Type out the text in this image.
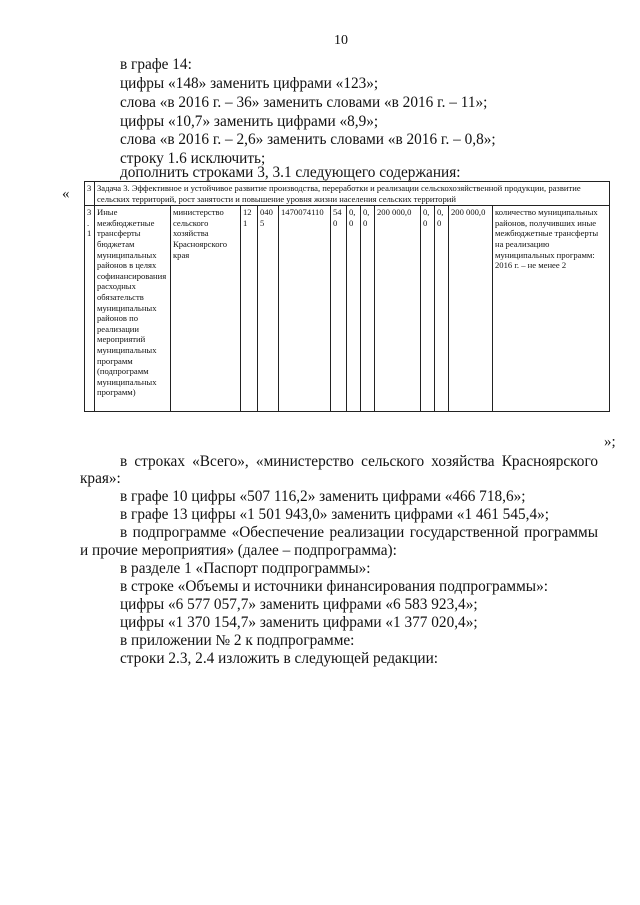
10
в графе 14:
цифры «148» заменить цифрами «123»;
слова «в 2016 г. – 36» заменить словами «в 2016 г. – 11»;
цифры «10,7» заменить цифрами «8,9»;
слова «в 2016 г. – 2,6» заменить словами «в 2016 г. – 0,8»;
строку 1.6 исключить;
дополнить строками 3, 3.1 следующего содержания:
« 3	Задача 3. Эффективное и устойчивое развитие производства, переработки и реализации сельскохозяйственной продукции, развитие сельских территорий, рост занятости и повышение уровня жизни населения сельских территорий												
3.1	Иные межбюджетные трансферты бюджетам муниципальных районов в целях софинансирования расходных обязательств муниципальных районов по реализации мероприятий муниципальных программ (подпрограмм муниципальных программ)	министерство сельского хозяйства Красноярского края	121	0405	1470074110	540	0,0	0,0	200 000,0	0,0	0,0	200 000,0	количество муниципальных районов, получивших иные межбюджетные трансферты на реализацию муниципальных программ: 2016 г. – не менее 2
»;
в строках «Всего», «министерство сельского хозяйства Красноярского
края»:
в графе 10 цифры «507 116,2» заменить цифрами «466 718,6»;
в графе 13 цифры «1 501 943,0» заменить цифрами «1 461 545,4»;
в подпрограмме «Обеспечение реализации государственной программы
и прочие мероприятия» (далее – подпрограмма):
в разделе 1 «Паспорт подпрограммы»:
в строке «Объемы и источники финансирования подпрограммы»:
цифры «6 577 057,7» заменить цифрами «6 583 923,4»;
цифры «1 370 154,7» заменить цифрами «1 377 020,4»;
в приложении № 2 к подпрограмме:
строки 2.3, 2.4 изложить в следующей редакции:
